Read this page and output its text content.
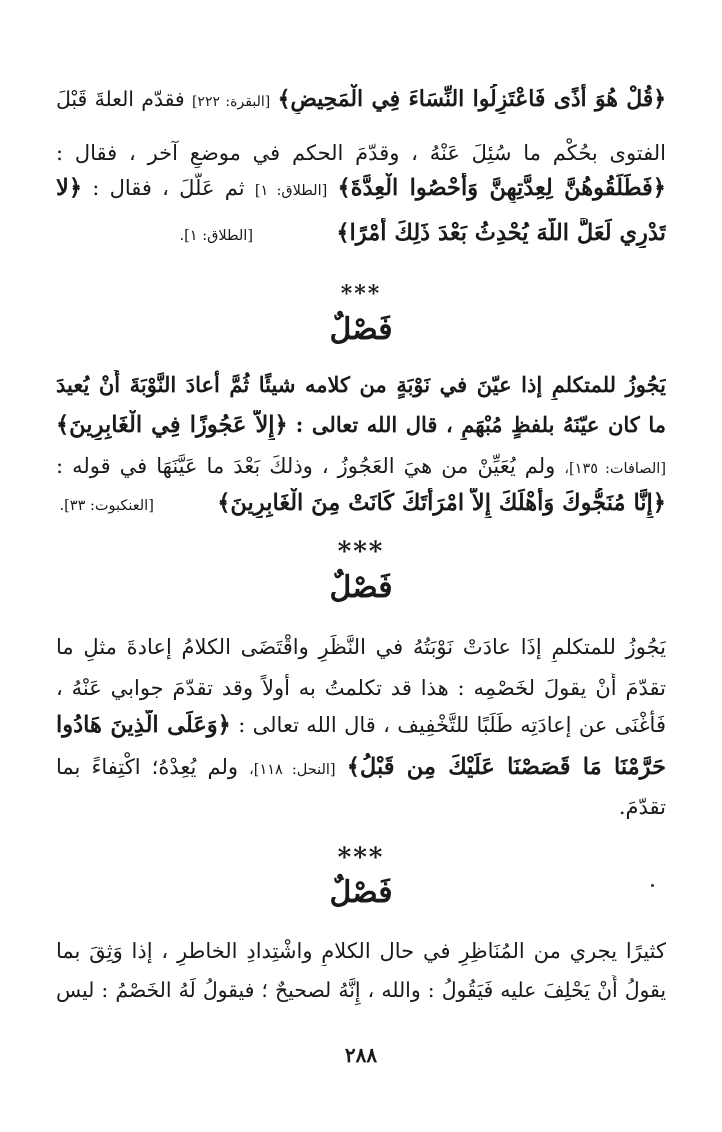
﴿قُلْ هُوَ أَذًى فَاعْتَزِلُوا النِّسَاءَ فِي الْمَحِيضِ﴾ [البقرة: ٢٢٢] فقدّم العلةَ قَبْلَ
الفتوى بحُكْم ما سُئِلَ عَنْهُ ، وقدّمَ الحكم في موضعٍ آخر ، فقال :
﴿فَطَلِّقُوهُنَّ لِعِدَّتِهِنَّ وَأَحْصُوا الْعِدَّةَ﴾ [الطلاق: ١] ثم عَلَّلَ ، فقال : ﴿لا
تَدْرِي لَعَلَّ اللَّهَ يُحْدِثُ بَعْدَ ذَلِكَ أَمْرًا﴾  [الطلاق: ١].
***
فَصْلٌ
يَجُوزُ للمتكلمِ إذا عيّنَ في نَوْبَةٍ من كلامه شيئًا ثُمَّ أعادَ النَّوْبَةَ أَنْ يُعيدَ
ما كان عيّنَهُ بلفظٍ مُبْهَمٍ ، قال الله تعالى : ﴿إِلاَّ عَجُوزًا فِي الْغَابِرِينَ﴾
[الصافات: ١٣٥]، ولم يُعَيِّنْ من هيَ العَجُوزُ ، وذلكَ بَعْدَ ما عَيَّنَهَا في قوله :
﴿إِنَّا مُنَجُّوكَ وَأَهْلَكَ إِلاَّ امْرَأَتَكَ كَانَتْ مِنَ الْغَابِرِينَ﴾  [العنكبوت: ٣٣].
***
فَصْلٌ
يَجُوزُ للمتكلمِ إذَا عادَتْ نَوْبَتُهُ في النَّظَرِ واقْتَضَى الكلامُ إعادةَ مثلِ ما
تقدّمَ أَنْ يقولَ لخَصْمِه : هذا قد تكلمتُ به أولاً وقد تقدّمَ جوابي عَنْهُ ،
فَأَغْنَى عن إعادَتِه طَلَبًا للتَّخْفِيف ، قال الله تعالى : ﴿وَعَلَى الَّذِينَ هَادُوا
حَرَّمْنَا مَا قَصَصْنَا عَلَيْكَ مِن قَبْلُ﴾ [النحل: ١١٨]، ولم يُعِدْهُ؛ اكْتِفاءً بما
تقدّمَ.
***
فَصْلٌ
كثيرًا يجري من المُنَاظِرِ في حال الكلامِ واشْتِدادِ الخاطرِ ، إذا وَثِقَ بما
يقولُ أَنْ يَحْلِفَ عليه فَيَقُولُ : والله ، إِنَّهُ لصحيحٌ ؛ فيقولُ لَهُ الخَصْمُ : ليس
٢٨٨
